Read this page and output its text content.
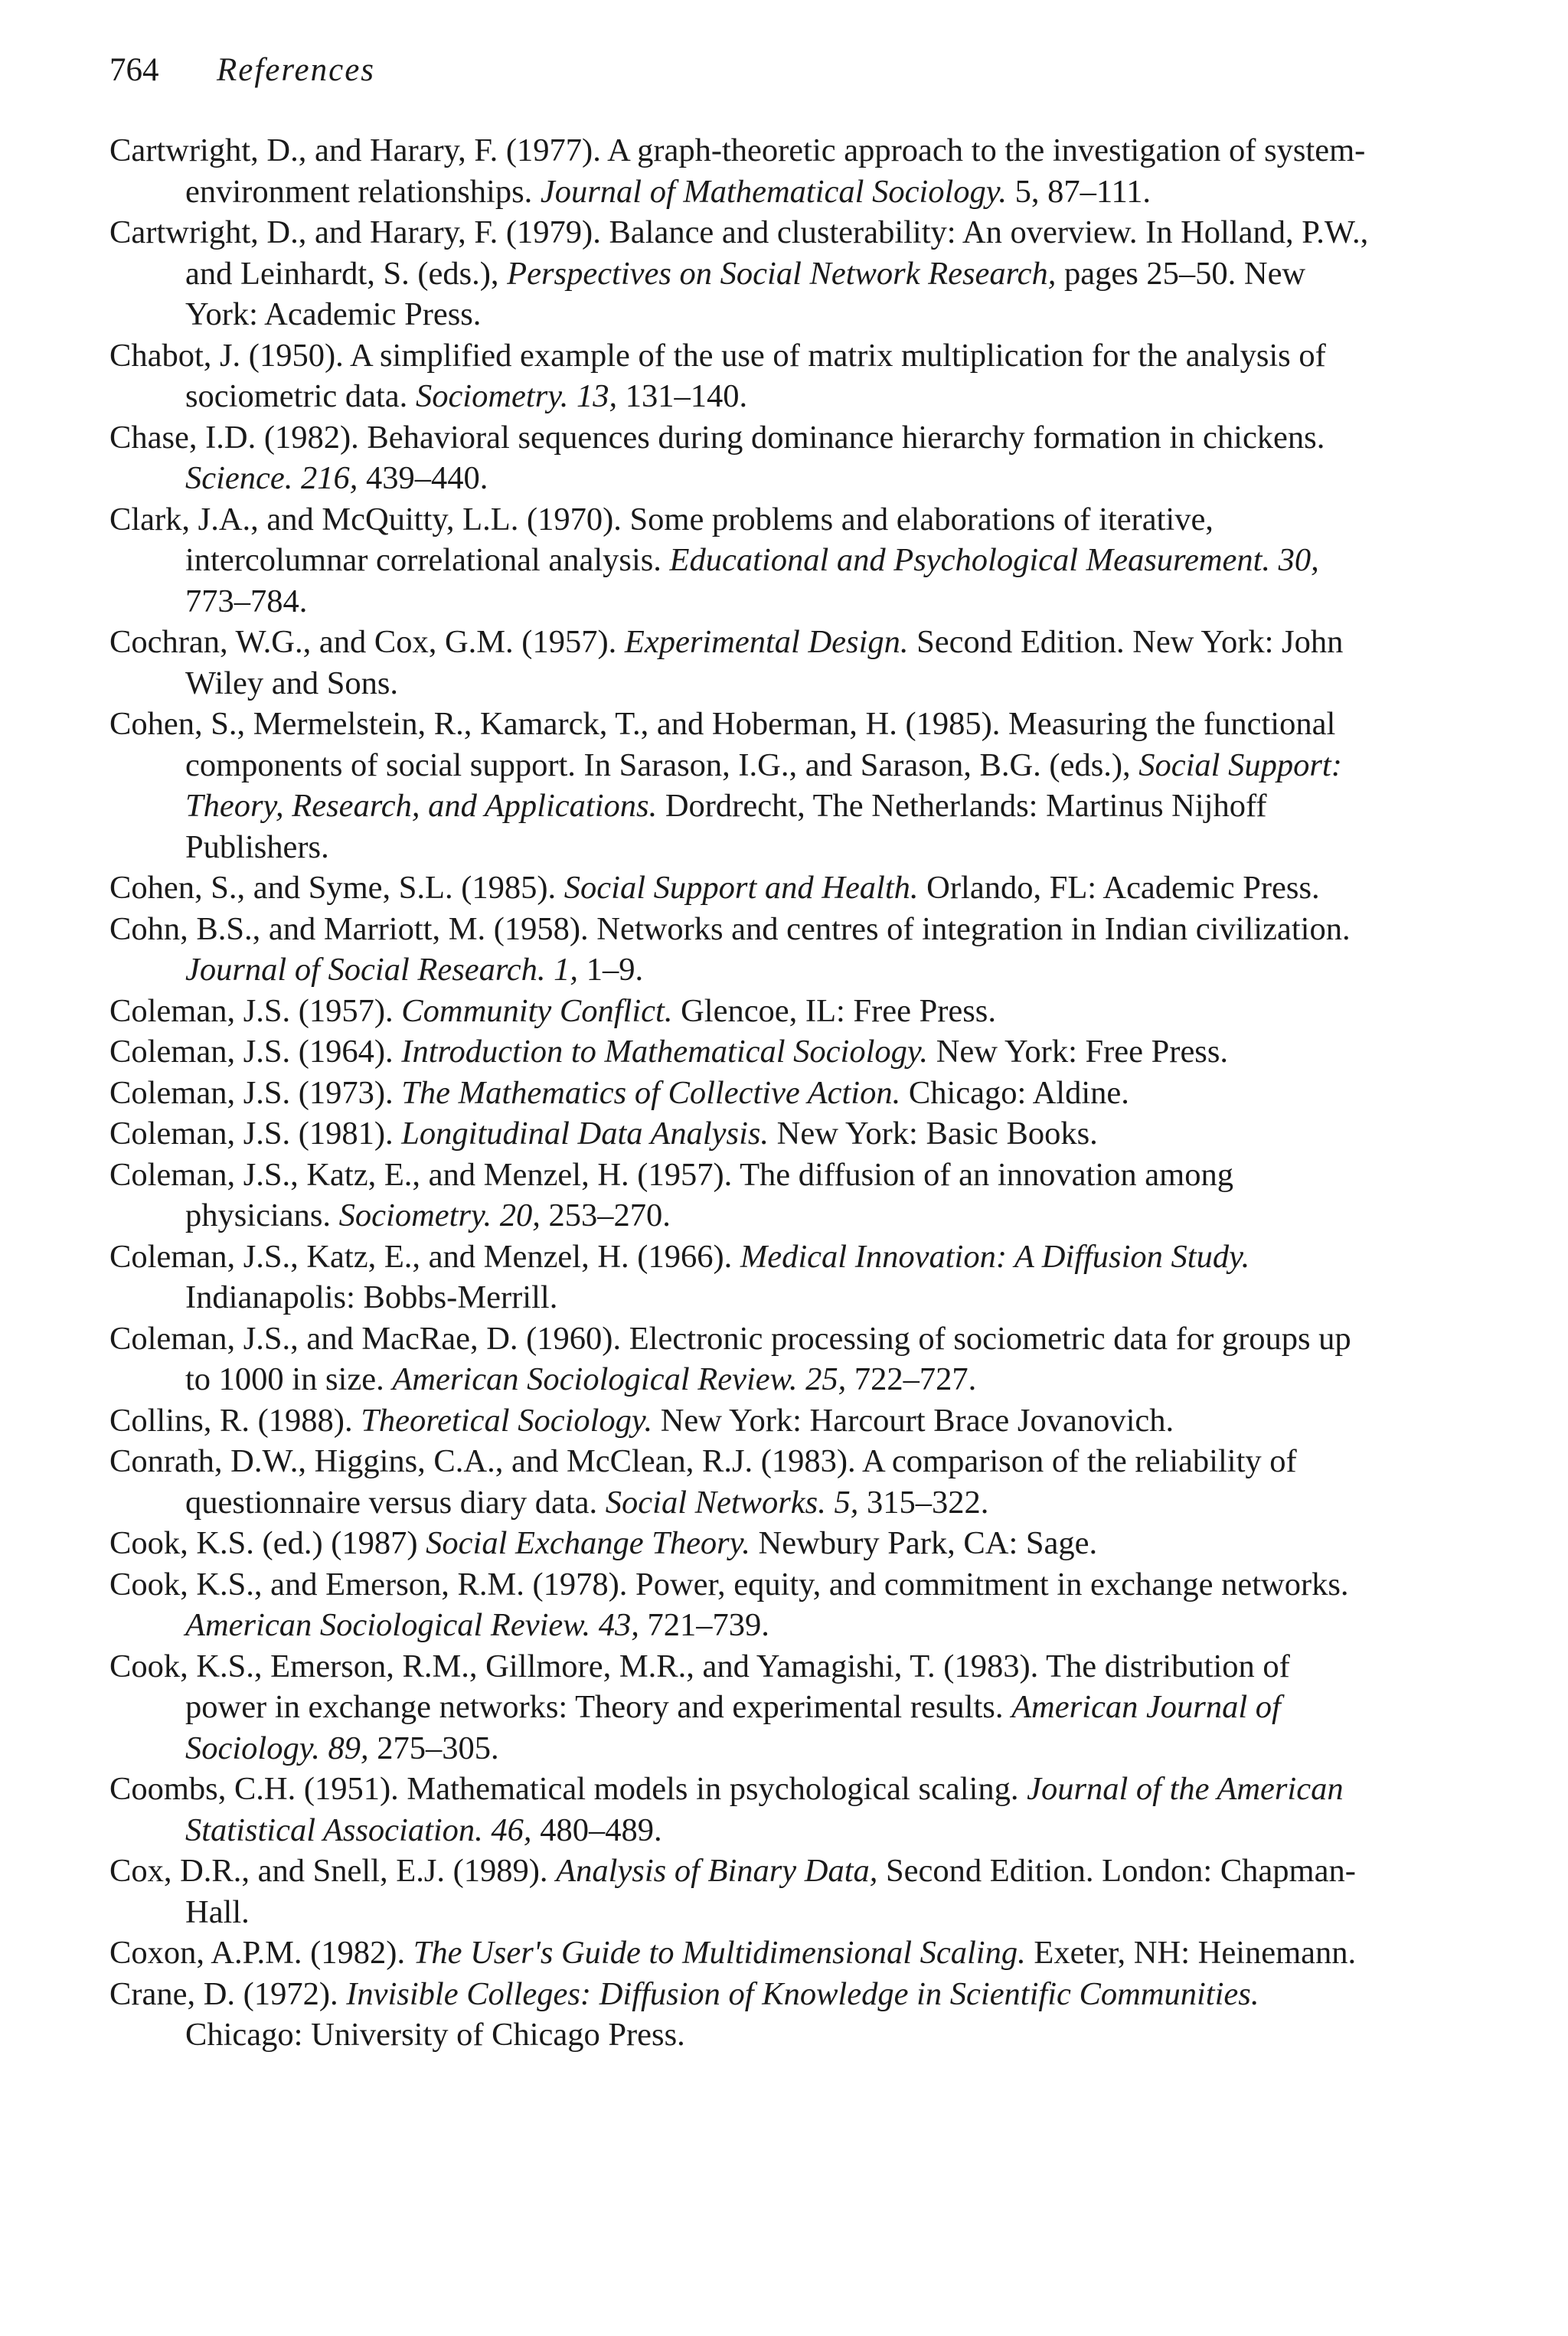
764 References
Cartwright, D., and Harary, F. (1977). A graph-theoretic approach to the investigation of system-environment relationships. Journal of Mathematical Sociology. 5, 87–111.
Cartwright, D., and Harary, F. (1979). Balance and clusterability: An overview. In Holland, P.W., and Leinhardt, S. (eds.), Perspectives on Social Network Research, pages 25–50. New York: Academic Press.
Chabot, J. (1950). A simplified example of the use of matrix multiplication for the analysis of sociometric data. Sociometry. 13, 131–140.
Chase, I.D. (1982). Behavioral sequences during dominance hierarchy formation in chickens. Science. 216, 439–440.
Clark, J.A., and McQuitty, L.L. (1970). Some problems and elaborations of iterative, intercolumnar correlational analysis. Educational and Psychological Measurement. 30, 773–784.
Cochran, W.G., and Cox, G.M. (1957). Experimental Design. Second Edition. New York: John Wiley and Sons.
Cohen, S., Mermelstein, R., Kamarck, T., and Hoberman, H. (1985). Measuring the functional components of social support. In Sarason, I.G., and Sarason, B.G. (eds.), Social Support: Theory, Research, and Applications. Dordrecht, The Netherlands: Martinus Nijhoff Publishers.
Cohen, S., and Syme, S.L. (1985). Social Support and Health. Orlando, FL: Academic Press.
Cohn, B.S., and Marriott, M. (1958). Networks and centres of integration in Indian civilization. Journal of Social Research. 1, 1–9.
Coleman, J.S. (1957). Community Conflict. Glencoe, IL: Free Press.
Coleman, J.S. (1964). Introduction to Mathematical Sociology. New York: Free Press.
Coleman, J.S. (1973). The Mathematics of Collective Action. Chicago: Aldine.
Coleman, J.S. (1981). Longitudinal Data Analysis. New York: Basic Books.
Coleman, J.S., Katz, E., and Menzel, H. (1957). The diffusion of an innovation among physicians. Sociometry. 20, 253–270.
Coleman, J.S., Katz, E., and Menzel, H. (1966). Medical Innovation: A Diffusion Study. Indianapolis: Bobbs-Merrill.
Coleman, J.S., and MacRae, D. (1960). Electronic processing of sociometric data for groups up to 1000 in size. American Sociological Review. 25, 722–727.
Collins, R. (1988). Theoretical Sociology. New York: Harcourt Brace Jovanovich.
Conrath, D.W., Higgins, C.A., and McClean, R.J. (1983). A comparison of the reliability of questionnaire versus diary data. Social Networks. 5, 315–322.
Cook, K.S. (ed.) (1987) Social Exchange Theory. Newbury Park, CA: Sage.
Cook, K.S., and Emerson, R.M. (1978). Power, equity, and commitment in exchange networks. American Sociological Review. 43, 721–739.
Cook, K.S., Emerson, R.M., Gillmore, M.R., and Yamagishi, T. (1983). The distribution of power in exchange networks: Theory and experimental results. American Journal of Sociology. 89, 275–305.
Coombs, C.H. (1951). Mathematical models in psychological scaling. Journal of the American Statistical Association. 46, 480–489.
Cox, D.R., and Snell, E.J. (1989). Analysis of Binary Data, Second Edition. London: Chapman-Hall.
Coxon, A.P.M. (1982). The User's Guide to Multidimensional Scaling. Exeter, NH: Heinemann.
Crane, D. (1972). Invisible Colleges: Diffusion of Knowledge in Scientific Communities. Chicago: University of Chicago Press.
